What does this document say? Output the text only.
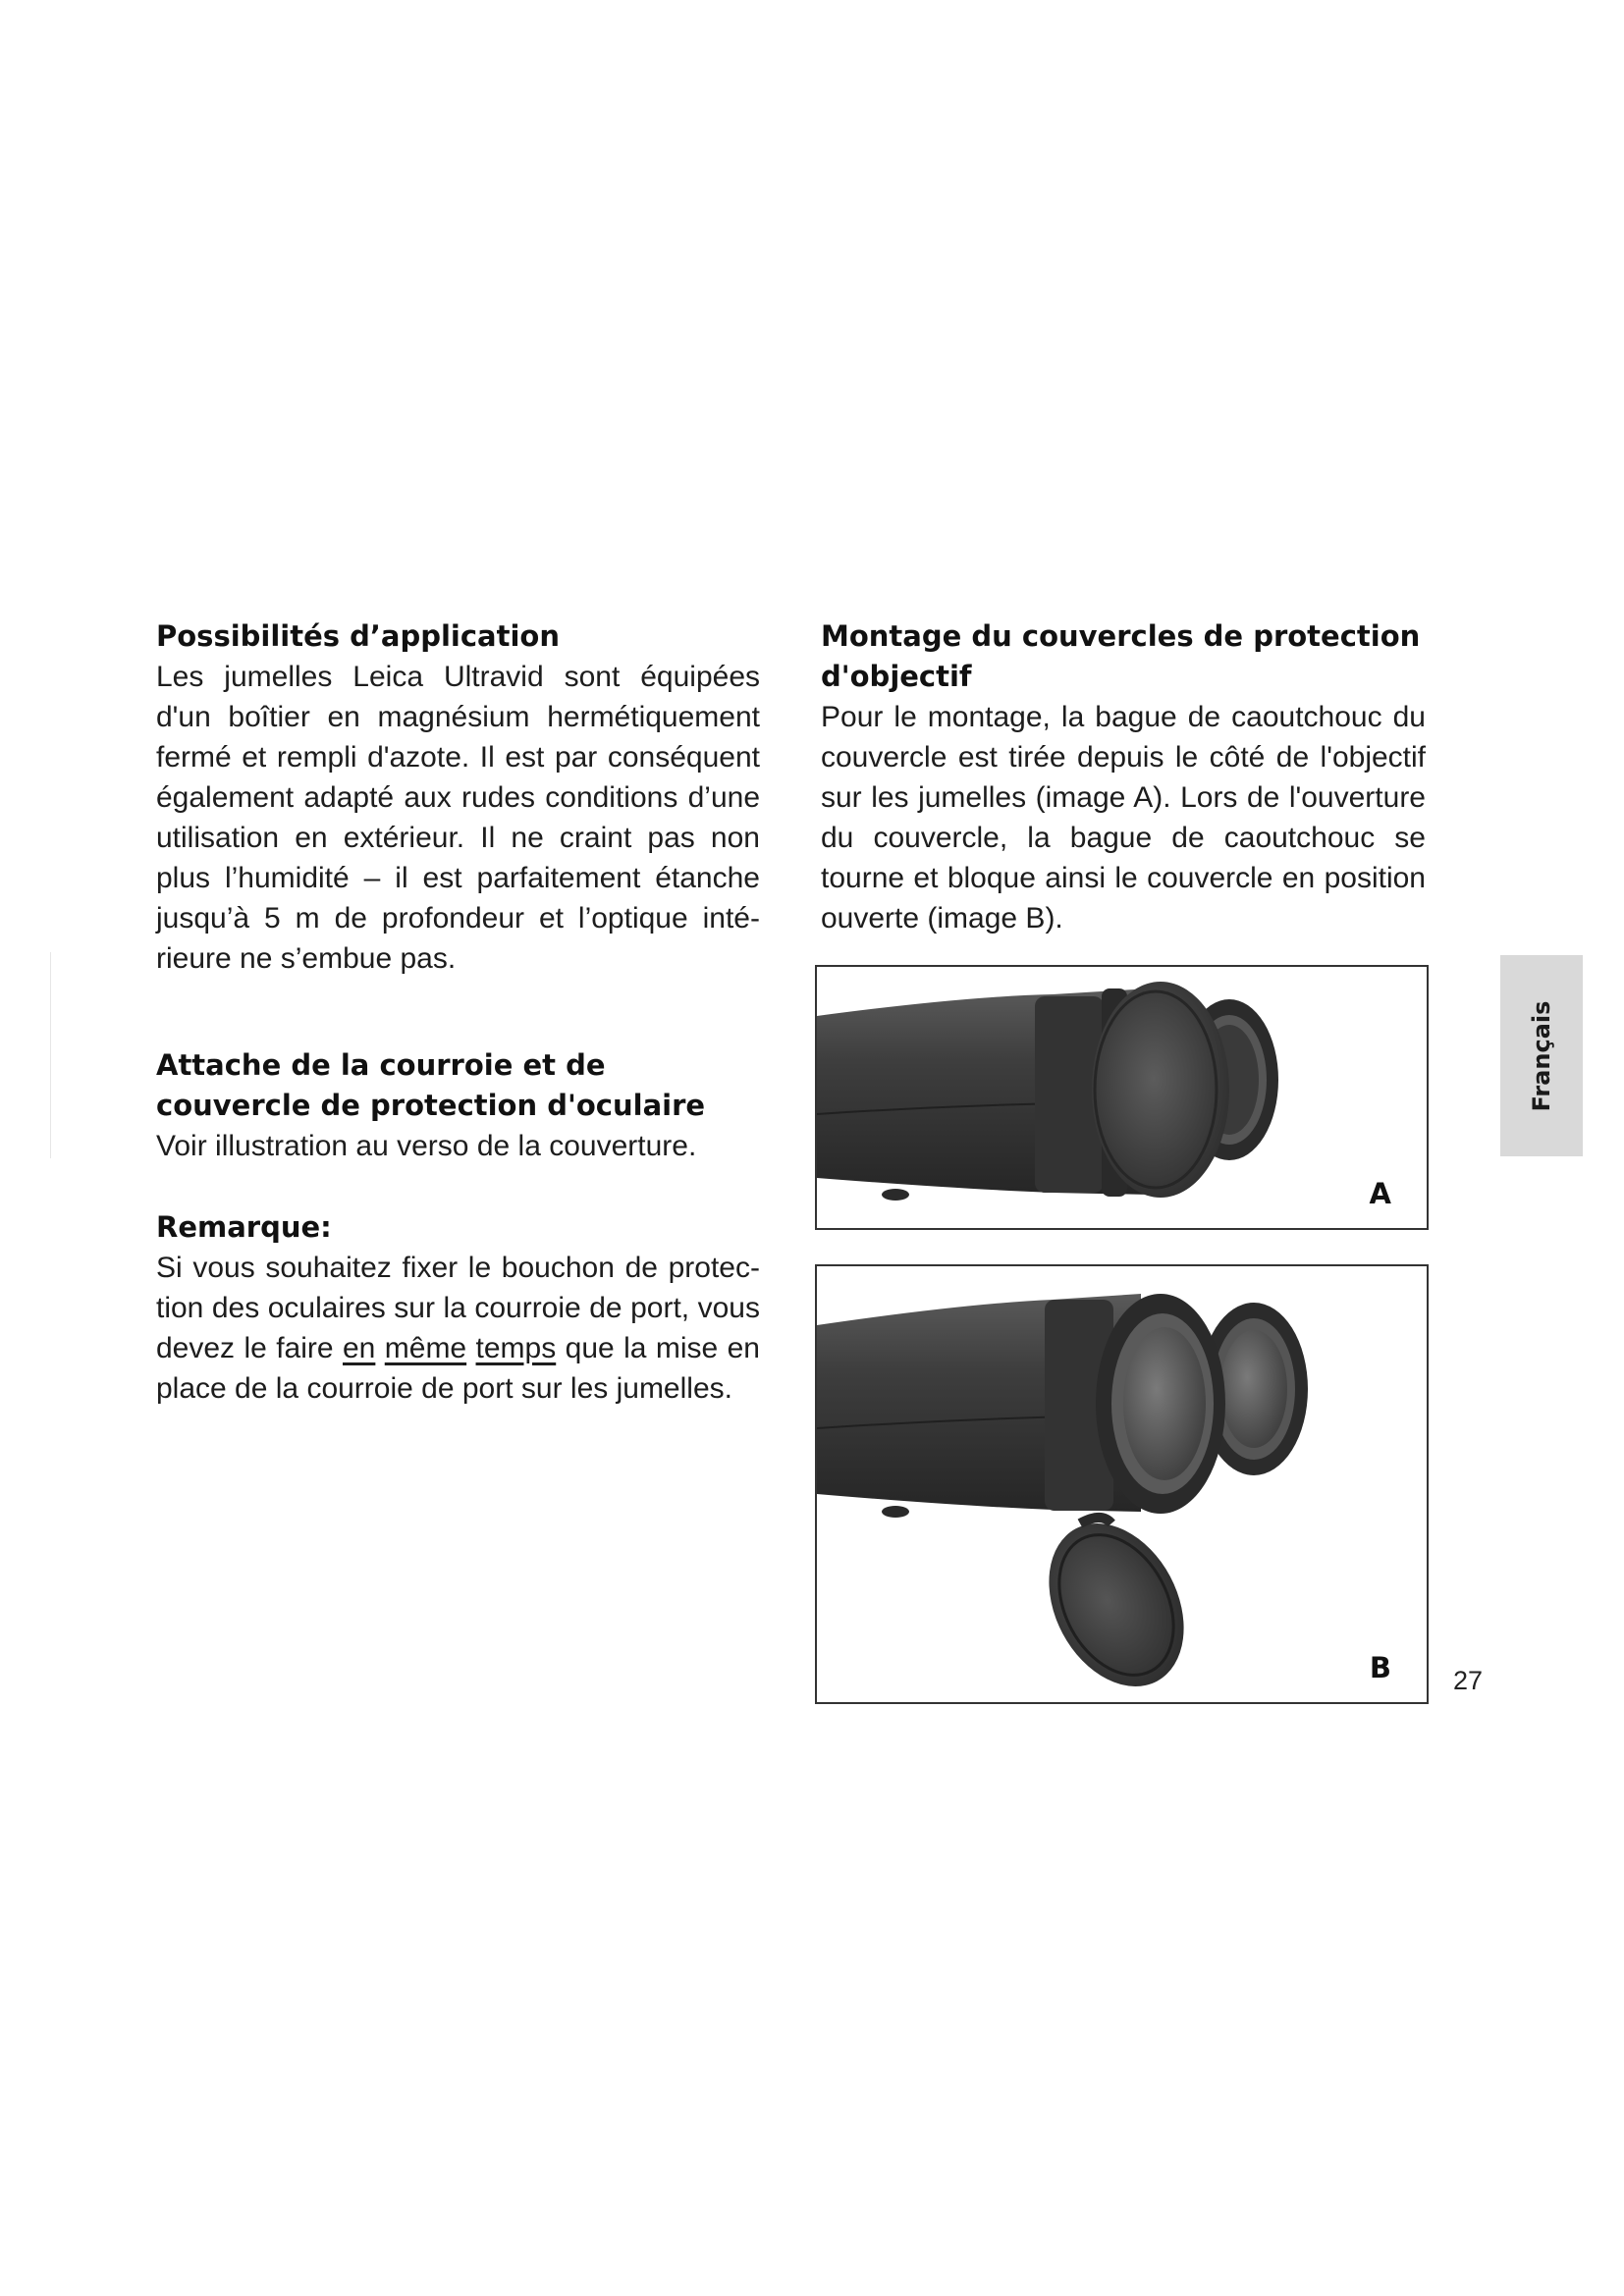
Possibilités d’application

Les jumelles Leica Ultravid sont équipées d'un boîtier en magnésium hermétiquement fermé et rempli d'azote. Il est par conséquent également adapté aux rudes conditions d’une utilisation en extérieur. Il ne craint pas non plus l’humidité – il est parfaitement étanche jusqu’à 5 m de profondeur et l’optique intérieure ne s’embue pas.

Attache de la courroie et de couvercle de protection d'oculaire

Voir illustration au verso de la couverture.

Remarque:

Si vous souhaitez fixer le bouchon de protection des oculaires sur la courroie de port, vous devez le faire en même temps que la mise en place de la courroie de port sur les jumelles.

Montage du couvercles de protection d'objectif

Pour le montage, la bague de caoutchouc du couvercle est tirée depuis le côté de l'objectif sur les jumelles (image A). Lors de l'ouverture du couvercle, la bague de caoutchouc se tourne et bloque ainsi le couvercle en position ouverte (image B).

A
B
Français
27
